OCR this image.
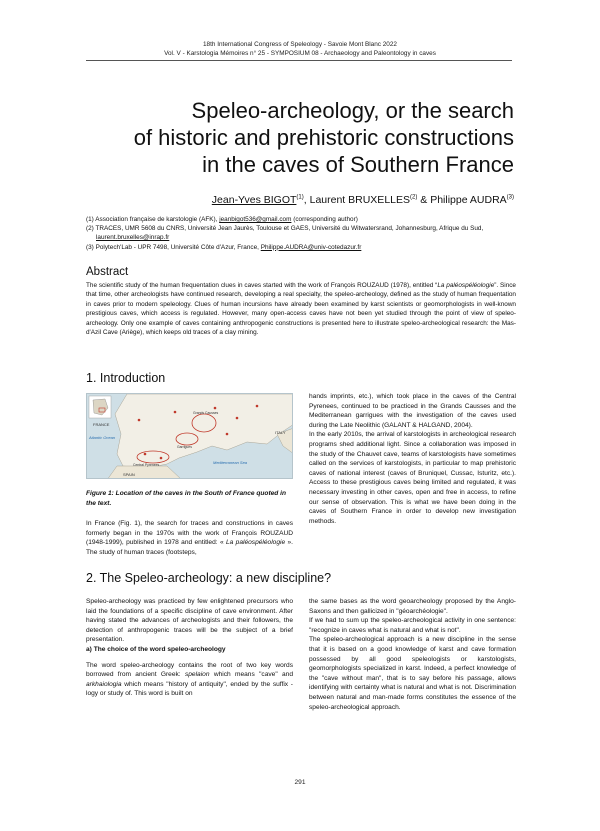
18th International Congress of Speleology - Savoie Mont Blanc 2022
Vol. V - Karstologia Mémoires n° 25 - SYMPOSIUM 08 - Archaeology and Paleontology in caves
Speleo-archeology, or the search
of historic and prehistoric constructions
in the caves of Southern France
Jean-Yves BIGOT$^{(1)}$, Laurent BRUXELLES$^{(2)}$ & Philippe AUDRA$^{(3)}$

(1) Association française de karstologie (AFK), jeanbigot536@gmail.com (corresponding author)

(2) TRACES, UMR 5608 du CNRS, Université Jean Jaurès, Toulouse et GAES, Université du Witwatersrand, Johannesburg, Afrique du Sud, laurent.bruxelles@inrap.fr

(3) Polytech'Lab - UPR 7498, Université Côte d'Azur, France, Philippe.AUDRA@univ-cotedazur.fr

Abstract

The scientific study of the human frequentation clues in caves started with the work of François ROUZAUD (1978), entitled “La paléospéléologie”. Since that time, other archeologists have continued research, developing a real specialty, the speleo-archeology, defined as the study of human frequentation in caves prior to modern speleology. Clues of human incursions have already been examined by karst scientists or geomorphologists in well-known prestigious caves, which access is regulated. However, many open-access caves have not been yet studied through the point of view of speleo-archeology. Only one example of caves containing anthropogenic constructions is presented here to illustrate speleo-archeological research: the Mas-d'Azil Cave (Ariège), which keeps old traces of a clay mining.

1. Introduction
FRANCE
Atlantic Ocean
Grands Causses
Garrigues
Central Pyrenees	Mediterranean Sea
SPAIN
ITALY

Figure 1: Location of the caves in the South of France quoted in the text.

In France (Fig. 1), the search for traces and constructions in caves formerly began in the 1970s with the work of François ROUZAUD (1948-1999), published in 1978 and entitled: « La paléospéléologie ». The study of human traces (footsteps,

hands imprints, etc.), which took place in the caves of the Central Pyrenees, continued to be practiced in the Grands Causses and the Mediterranean garrigues with the investigation of the caves used during the Late Neolithic (GALANT & HALGAND, 2004).

In the early 2010s, the arrival of karstologists in archeological research programs shed additional light. Since a collaboration was imposed in the study of the Chauvet cave, teams of karstologists have sometimes called on the services of karstologists, in particular to map prehistoric caves of national interest (caves of Bruniquel, Cussac, Isturitz, etc.). Access to these prestigious caves being limited and regulated, it was necessary investing in other caves, open and free in access, to refine our sense of observation. This is what we have been doing in the caves of Southern France in order to develop new investigation methods.

2. The Speleo-archeology: a new discipline?

Speleo-archeology was practiced by few enlightened precursors who laid the foundations of a specific discipline of cave environment. After having stated the advances of archeologists and their followers, the detection of anthropogenic traces will be the subject of a brief presentation.

a) The choice of the word speleo-archeology

The word speleo-archeology contains the root of two key words borrowed from ancient Greek: spelaion which means "cave" and arkhaiologia which means "history of antiquity", ended by the suffix -logy or study of. This word is built on

the same bases as the word geoarcheology proposed by the Anglo-Saxons and then gallicized in "géoarchéologie".

If we had to sum up the speleo-archeological activity in one sentence: "recognize in caves what is natural and what is not".

The speleo-archeological approach is a new discipline in the sense that it is based on a good knowledge of karst and cave formation possessed by all good speleologists or karstologists, geomorphologists specialized in karst. Indeed, a perfect knowledge of the "cave without man", that is to say before his passage, allows identifying with certainty what is natural and what is not. Discrimination between natural and man-made forms constitutes the essence of the speleo-archeological approach.

291
